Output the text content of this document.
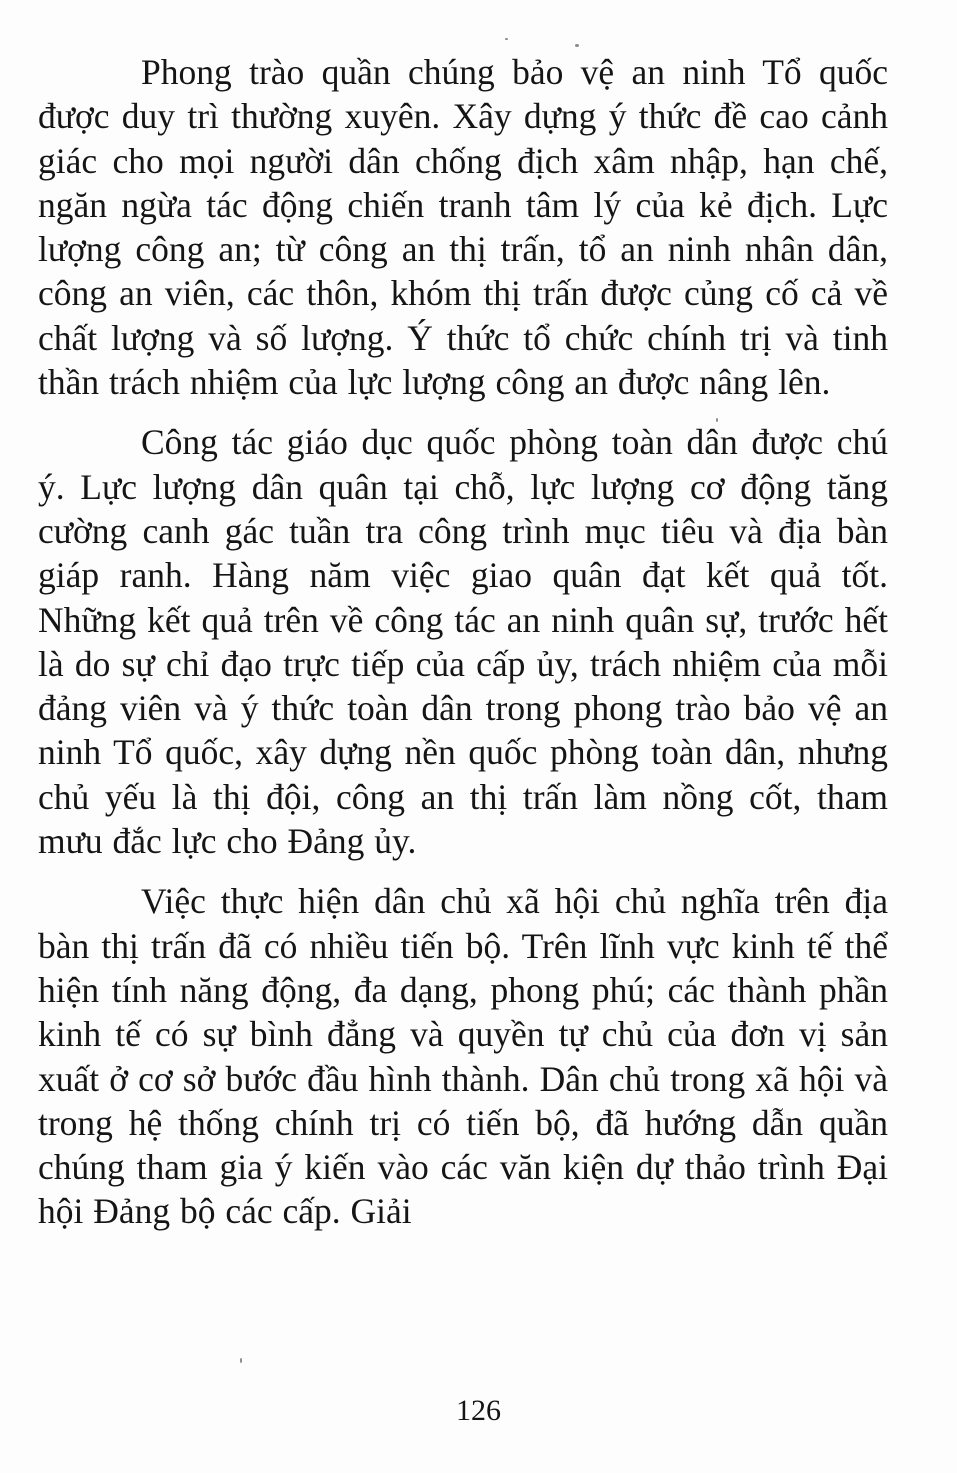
Phong trào quần chúng bảo vệ an ninh Tổ quốc được duy trì thường xuyên. Xây dựng ý thức đề cao cảnh giác cho mọi người dân chống địch xâm nhập, hạn chế, ngăn ngừa tác động chiến tranh tâm lý của kẻ địch. Lực lượng công an; từ công an thị trấn, tổ an ninh nhân dân, công an viên, các thôn, khóm thị trấn được củng cố cả về chất lượng và số lượng. Ý thức tổ chức chính trị và tinh thần trách nhiệm của lực lượng công an được nâng lên.

Công tác giáo dục quốc phòng toàn dân được chú ý. Lực lượng dân quân tại chỗ, lực lượng cơ động tăng cường canh gác tuần tra công trình mục tiêu và địa bàn giáp ranh. Hàng năm việc giao quân đạt kết quả tốt. Những kết quả trên về công tác an ninh quân sự, trước hết là do sự chỉ đạo trực tiếp của cấp ủy, trách nhiệm của mỗi đảng viên và ý thức toàn dân trong phong trào bảo vệ an ninh Tổ quốc, xây dựng nền quốc phòng toàn dân, nhưng chủ yếu là thị đội, công an thị trấn làm nồng cốt, tham mưu đắc lực cho Đảng ủy.

Việc thực hiện dân chủ xã hội chủ nghĩa trên địa bàn thị trấn đã có nhiều tiến bộ. Trên lĩnh vực kinh tế thể hiện tính năng động, đa dạng, phong phú; các thành phần kinh tế có sự bình đẳng và quyền tự chủ của đơn vị sản xuất ở cơ sở bước đầu hình thành. Dân chủ trong xã hội và trong hệ thống chính trị có tiến bộ, đã hướng dẫn quần chúng tham gia ý kiến vào các văn kiện dự thảo trình Đại hội Đảng bộ các cấp. Giải

126
